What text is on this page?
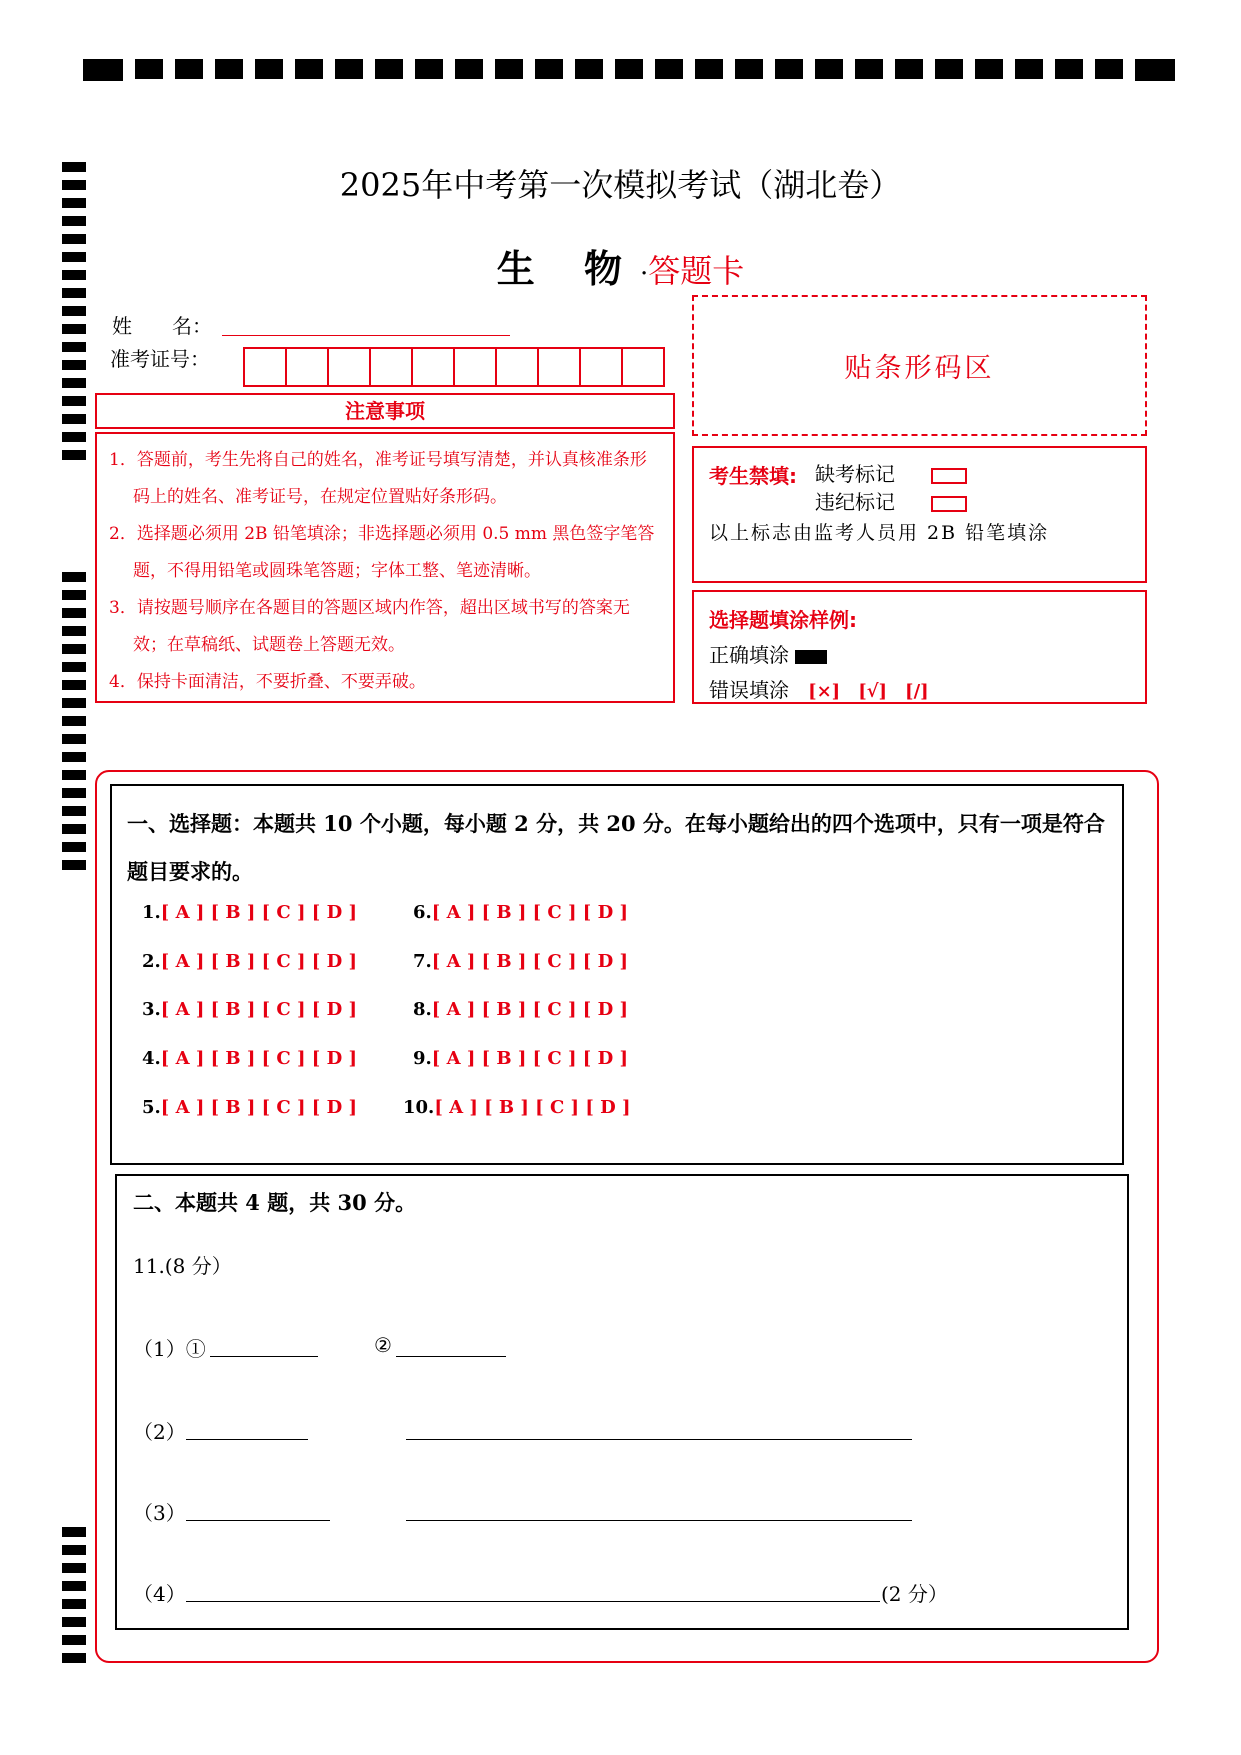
2025年中考第一次模拟考试（湖北卷）
生 物·答题卡
姓　　名：
准考证号：	贴条形码区
注意事项

1．答题前，考生先将自己的姓名，准考证号填写清楚，并认真核准条形码上的姓名、准考证号，在规定位置贴好条形码。

2．选择题必须用 2B 铅笔填涂；非选择题必须用 0.5 mm 黑色签字笔答题，不得用铅笔或圆珠笔答题；字体工整、笔迹清晰。

3．请按题号顺序在各题目的答题区域内作答，超出区域书写的答案无效；在草稿纸、试题卷上答题无效。

4．保持卡面清洁，不要折叠、不要弄破。

考生禁填: 缺考标记
违纪标记
以上标志由监考人员用 2B 铅笔填涂
选择题填涂样例:
正确填涂
错误填涂 [×]　[√]　[/]
一、选择题：本题共 10 个小题，每小题 2 分，共 20 分。在每小题给出的四个选项中，只有一项是符合题目要求的。
1.[ A ] [ B ] [ C ] [ D ]
2.[ A ] [ B ] [ C ] [ D ]
3.[ A ] [ B ] [ C ] [ D ]
4.[ A ] [ B ] [ C ] [ D ]
5.[ A ] [ B ] [ C ] [ D ]
6.[ A ] [ B ] [ C ] [ D ]
7.[ A ] [ B ] [ C ] [ D ]
8.[ A ] [ B ] [ C ] [ D ]
9.[ A ] [ B ] [ C ] [ D ]
10.[ A ] [ B ] [ C ] [ D ]
二、本题共 4 题，共 30 分。
11.(8 分）
（1）①	②
（2）
（3）
（4）	(2 分）
